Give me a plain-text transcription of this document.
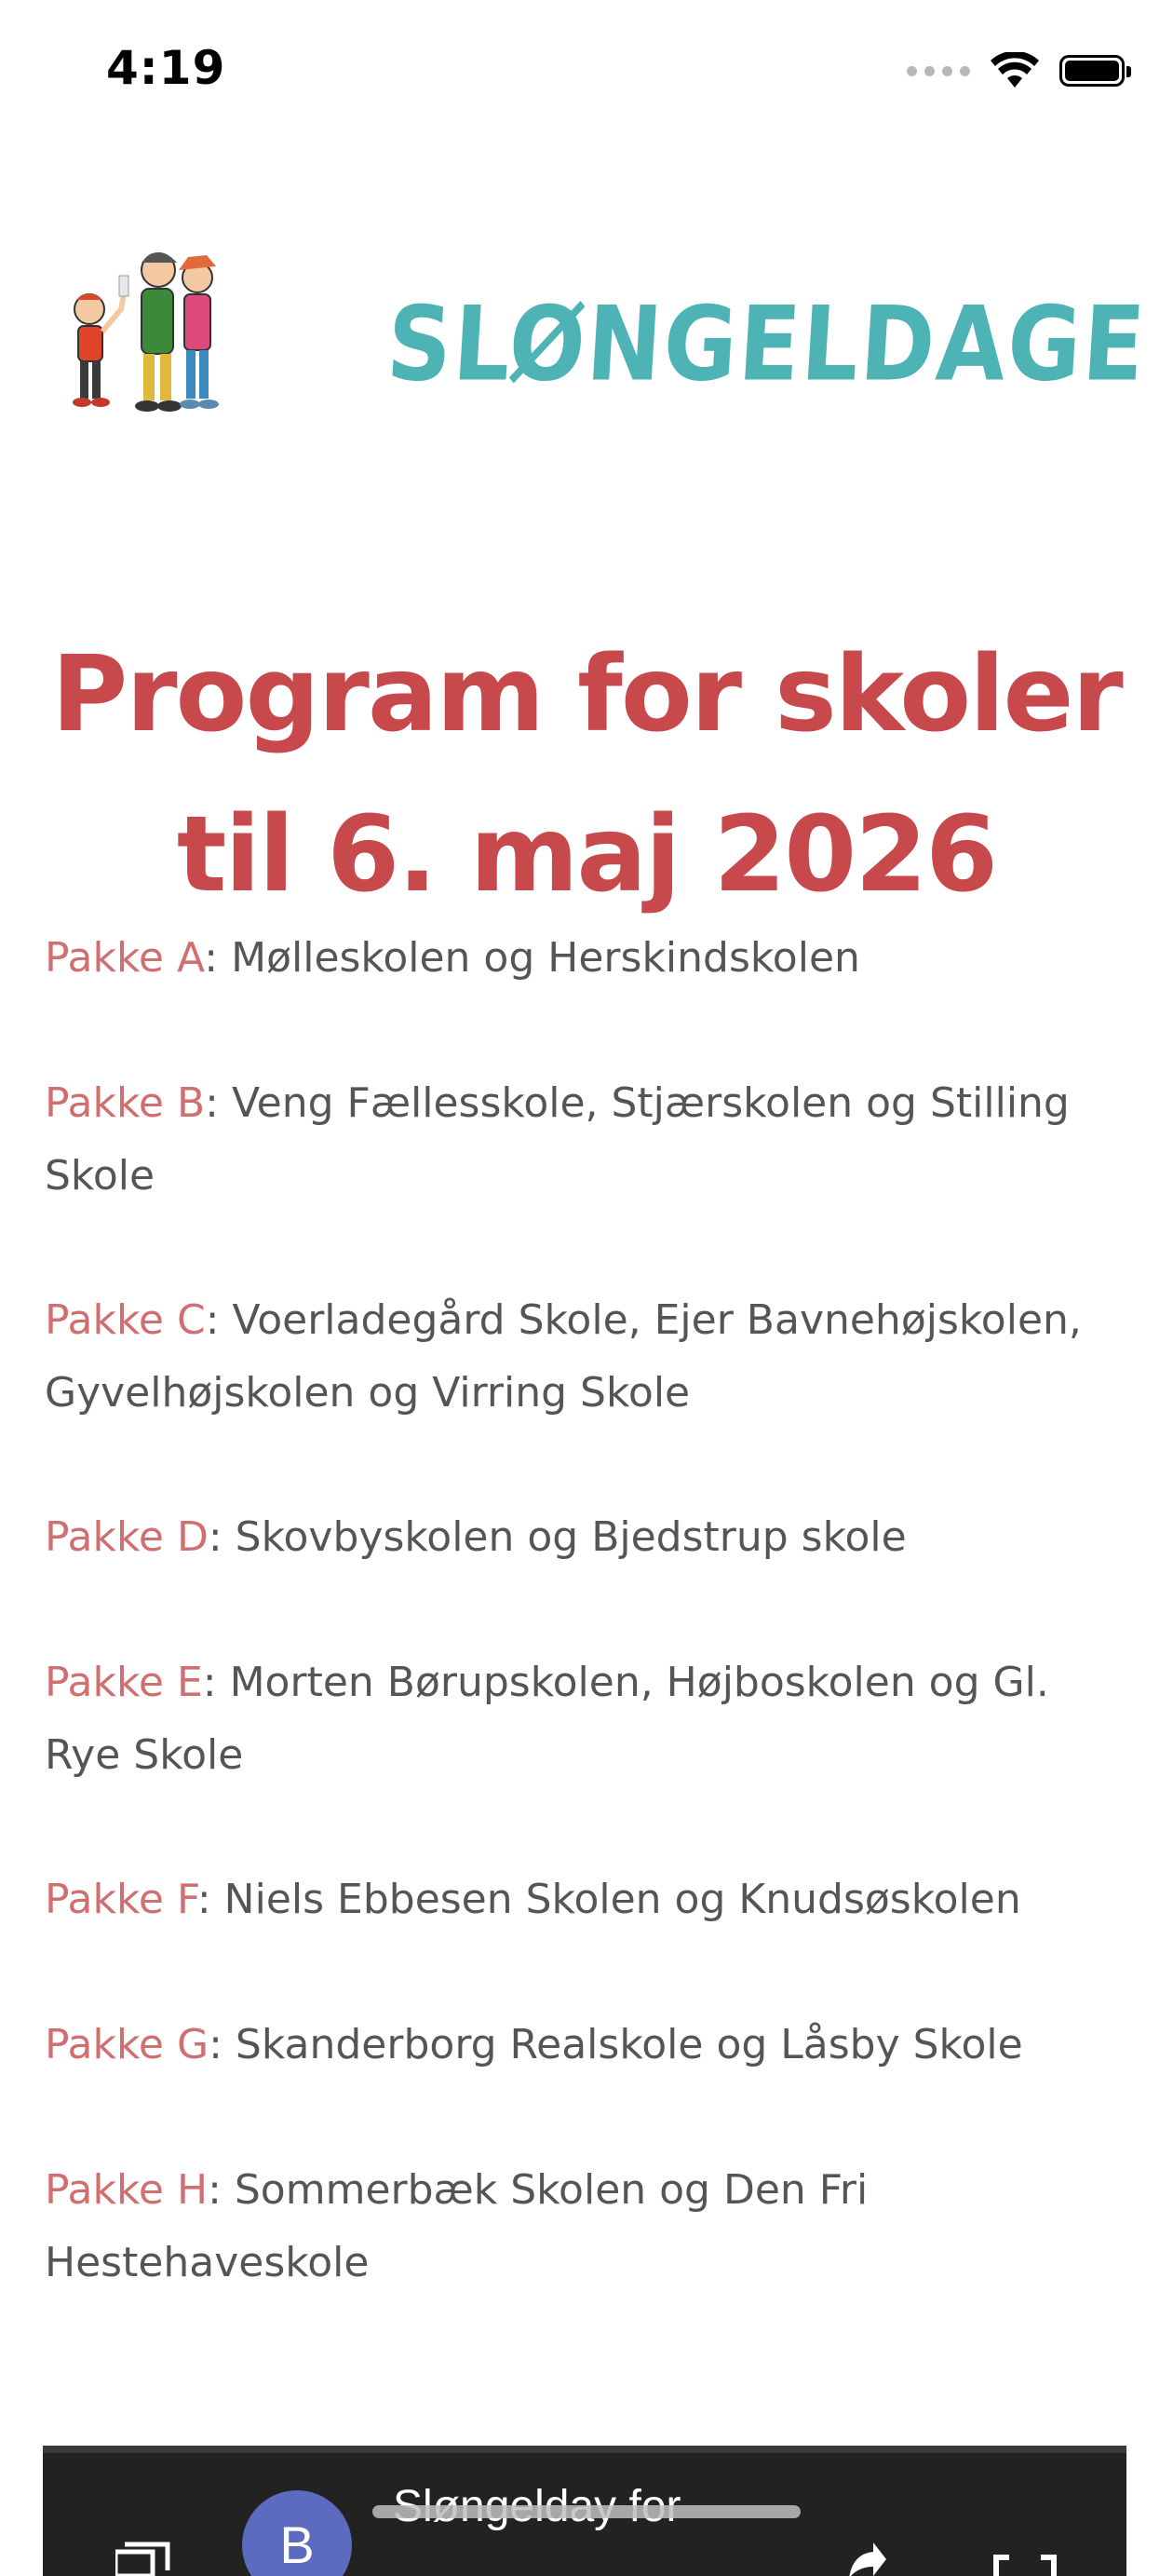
4:19
SLØNGELDAGE
Program for skoler
til 6. maj 2026
Pakke A: Mølleskolen og Herskindskolen
Pakke B: Veng Fællesskole, Stjærskolen og Stilling Skole
Pakke C: Voerladegård Skole, Ejer Bavnehøjskolen, Gyvelhøjskolen og Virring Skole
Pakke D: Skovbyskolen og Bjedstrup skole
Pakke E: Morten Børupskolen, Højboskolen og Gl. Rye Skole
Pakke F: Niels Ebbesen Skolen og Knudsøskolen
Pakke G: Skanderborg Realskole og Låsby Skole
Pakke H: Sommerbæk Skolen og Den Fri Hestehaveskole
B
